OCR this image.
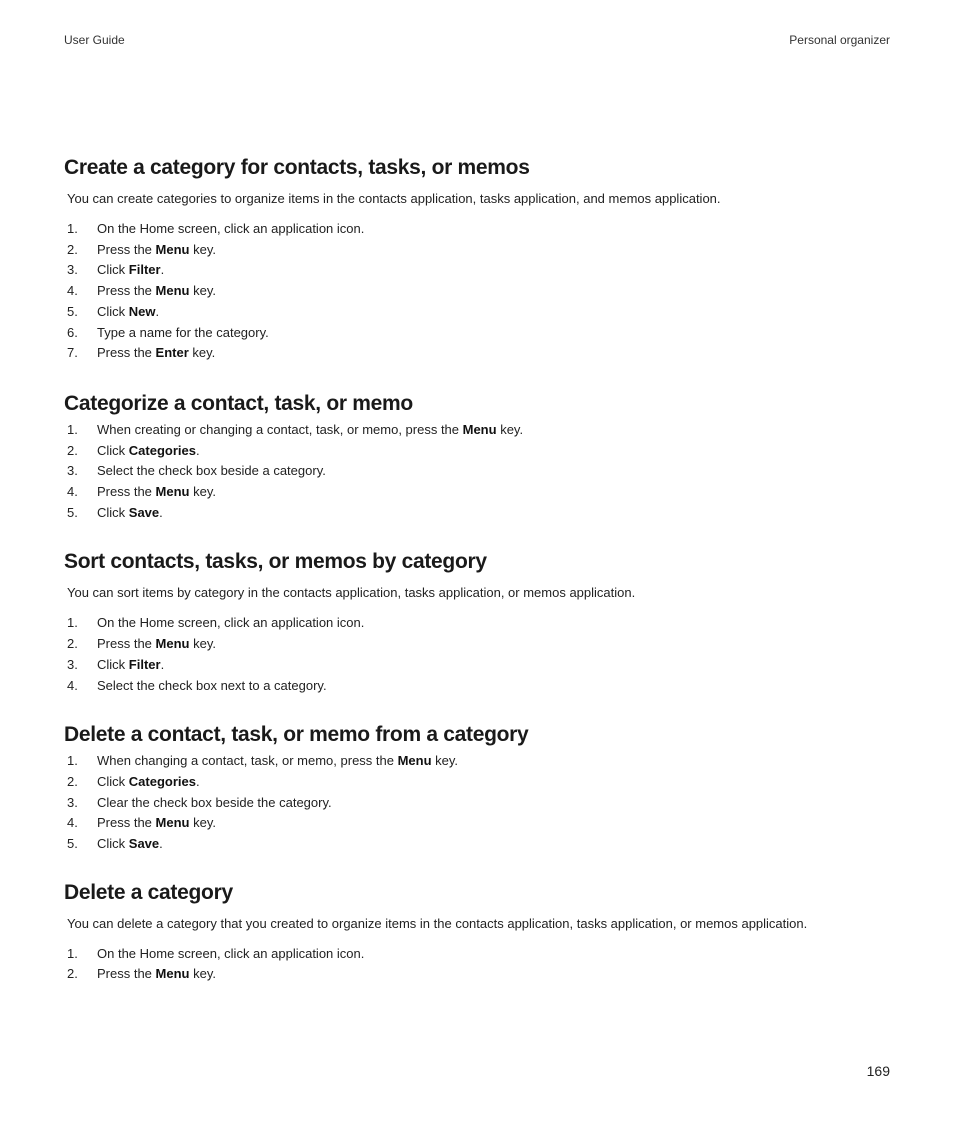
User Guide	Personal organizer
Create a category for contacts, tasks, or memos

You can create categories to organize items in the contacts application, tasks application, and memos application.

1. On the Home screen, click an application icon.
2. Press the Menu key.
3. Click Filter.
4. Press the Menu key.
5. Click New.
6. Type a name for the category.
7. Press the Enter key.
Categorize a contact, task, or memo
1. When creating or changing a contact, task, or memo, press the Menu key.
2. Click Categories.
3. Select the check box beside a category.
4. Press the Menu key.
5. Click Save.
Sort contacts, tasks, or memos by category

You can sort items by category in the contacts application, tasks application, or memos application.

1. On the Home screen, click an application icon.
2. Press the Menu key.
3. Click Filter.
4. Select the check box next to a category.
Delete a contact, task, or memo from a category
1. When changing a contact, task, or memo, press the Menu key.
2. Click Categories.
3. Clear the check box beside the category.
4. Press the Menu key.
5. Click Save.
Delete a category

You can delete a category that you created to organize items in the contacts application, tasks application, or memos application.

1. On the Home screen, click an application icon.
2. Press the Menu key.
169
